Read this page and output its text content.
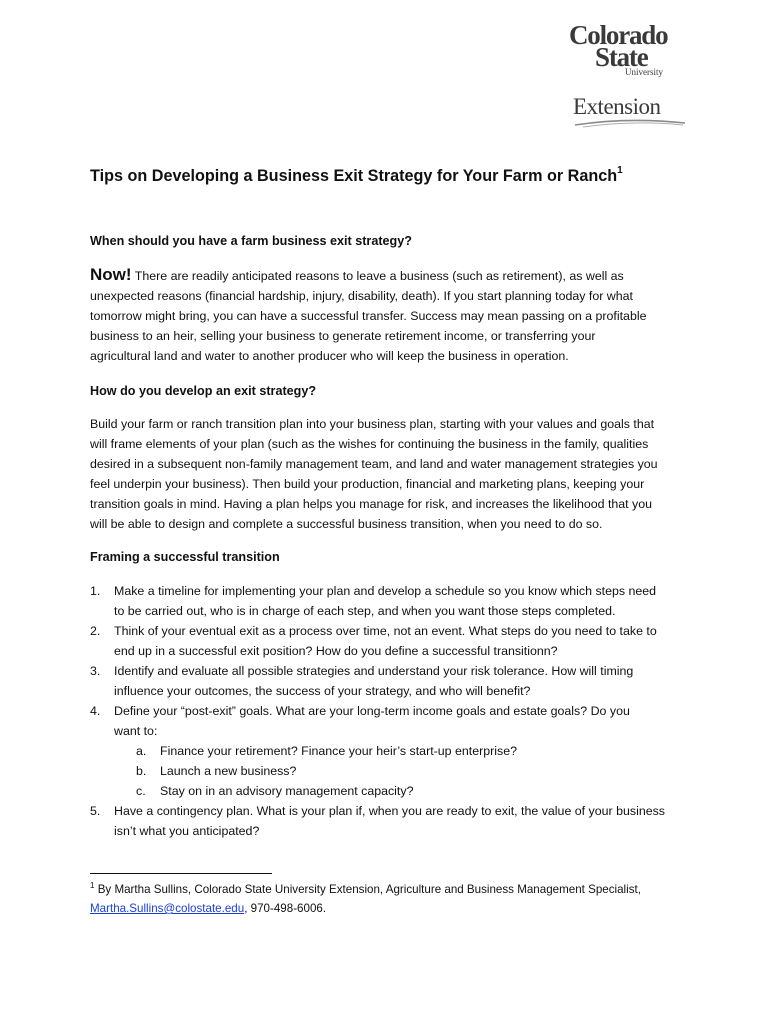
Colorado
State
University
Extension
Tips on Developing a Business Exit Strategy for Your Farm or Ranch$^1$
When should you have a farm business exit strategy?
Now! There are readily anticipated reasons to leave a business (such as retirement), as well as
unexpected reasons (financial hardship, injury, disability, death). If you start planning today for what
tomorrow might bring, you can have a successful transfer. Success may mean passing on a profitable
business to an heir, selling your business to generate retirement income, or transferring your
agricultural land and water to another producer who will keep the business in operation.
How do you develop an exit strategy?
Build your farm or ranch transition plan into your business plan, starting with your values and goals that
will frame elements of your plan (such as the wishes for continuing the business in the family, qualities
desired in a subsequent non-family management team, and land and water management strategies you
feel underpin your business). Then build your production, financial and marketing plans, keeping your
transition goals in mind. Having a plan helps you manage for risk, and increases the likelihood that you
will be able to design and complete a successful business transition, when you need to do so.
Framing a successful transition
1. Make a timeline for implementing your plan and develop a schedule so you know which steps need
to be carried out, who is in charge of each step, and when you want those steps completed.
2. Think of your eventual exit as a process over time, not an event. What steps do you need to take to
end up in a successful exit position? How do you define a successful transitionn?
3. Identify and evaluate all possible strategies and understand your risk tolerance. How will timing
influence your outcomes, the success of your strategy, and who will benefit?
4. Define your “post-exit” goals. What are your long-term income goals and estate goals? Do you
want to:
a. Finance your retirement? Finance your heir’s start-up enterprise?
b. Launch a new business?
c. Stay on in an advisory management capacity?
5. Have a contingency plan. What is your plan if, when you are ready to exit, the value of your business
isn’t what you anticipated?
$^1$ By Martha Sullins, Colorado State University Extension, Agriculture and Business Management Specialist,
Martha.Sullins@colostate.edu, 970-498-6006.
